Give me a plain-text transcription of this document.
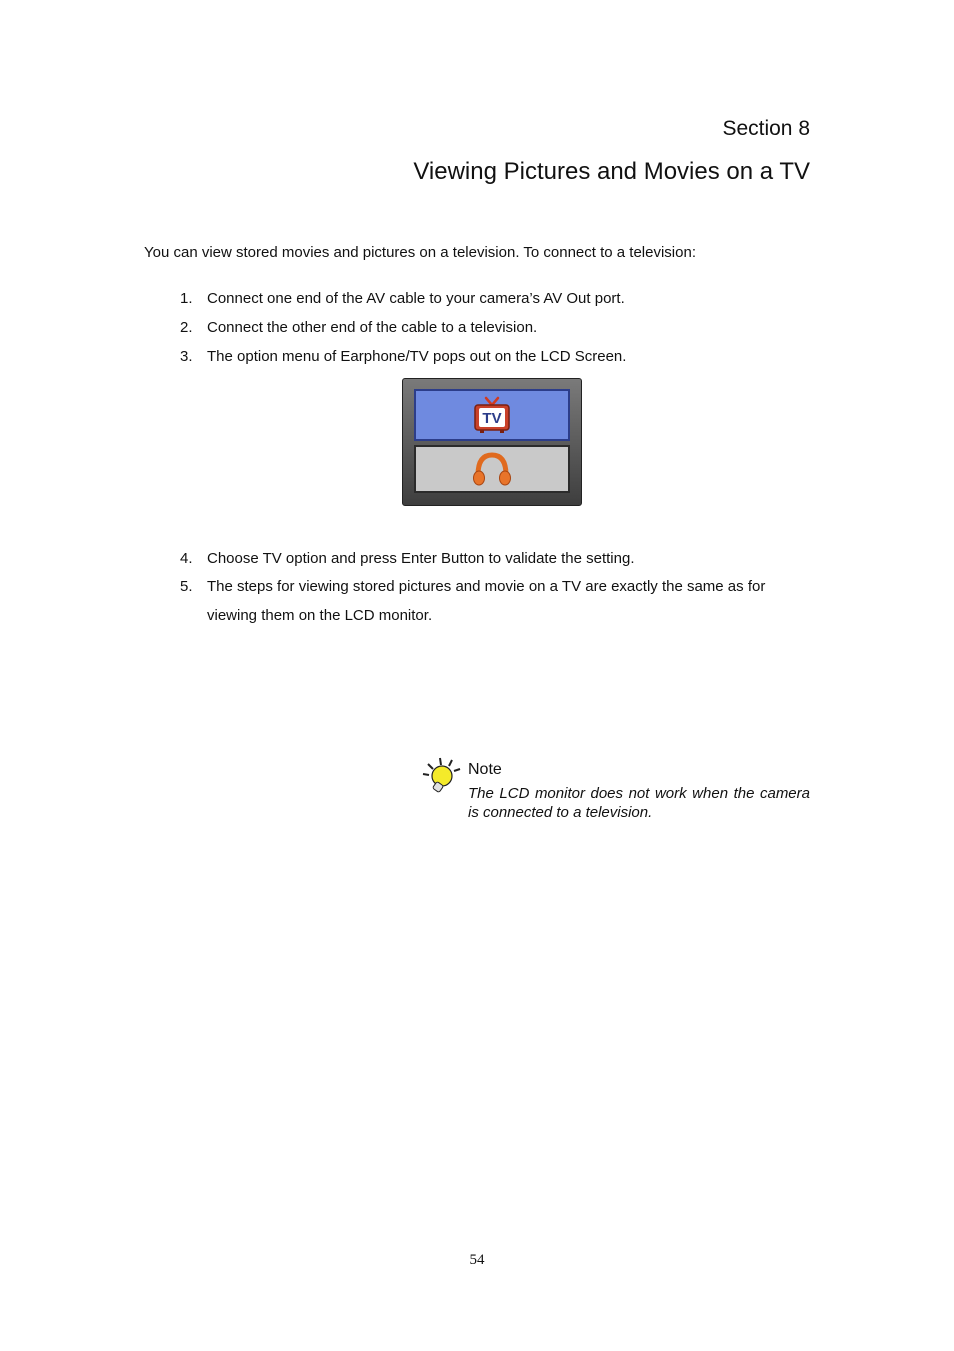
Section 8
Viewing Pictures and Movies on a TV
You can view stored movies and pictures on a television. To connect to a television:
1. Connect one end of the AV cable to your camera’s AV Out port.
2. Connect the other end of the cable to a television.
3. The option menu of Earphone/TV pops out on the LCD Screen.
TV
4. Choose TV option and press Enter Button to validate the setting.
5. The steps for viewing stored pictures and movie on a TV are exactly the same as for viewing them on the LCD monitor.
Note
The LCD monitor does not work when the camera is connected to a television.
54
